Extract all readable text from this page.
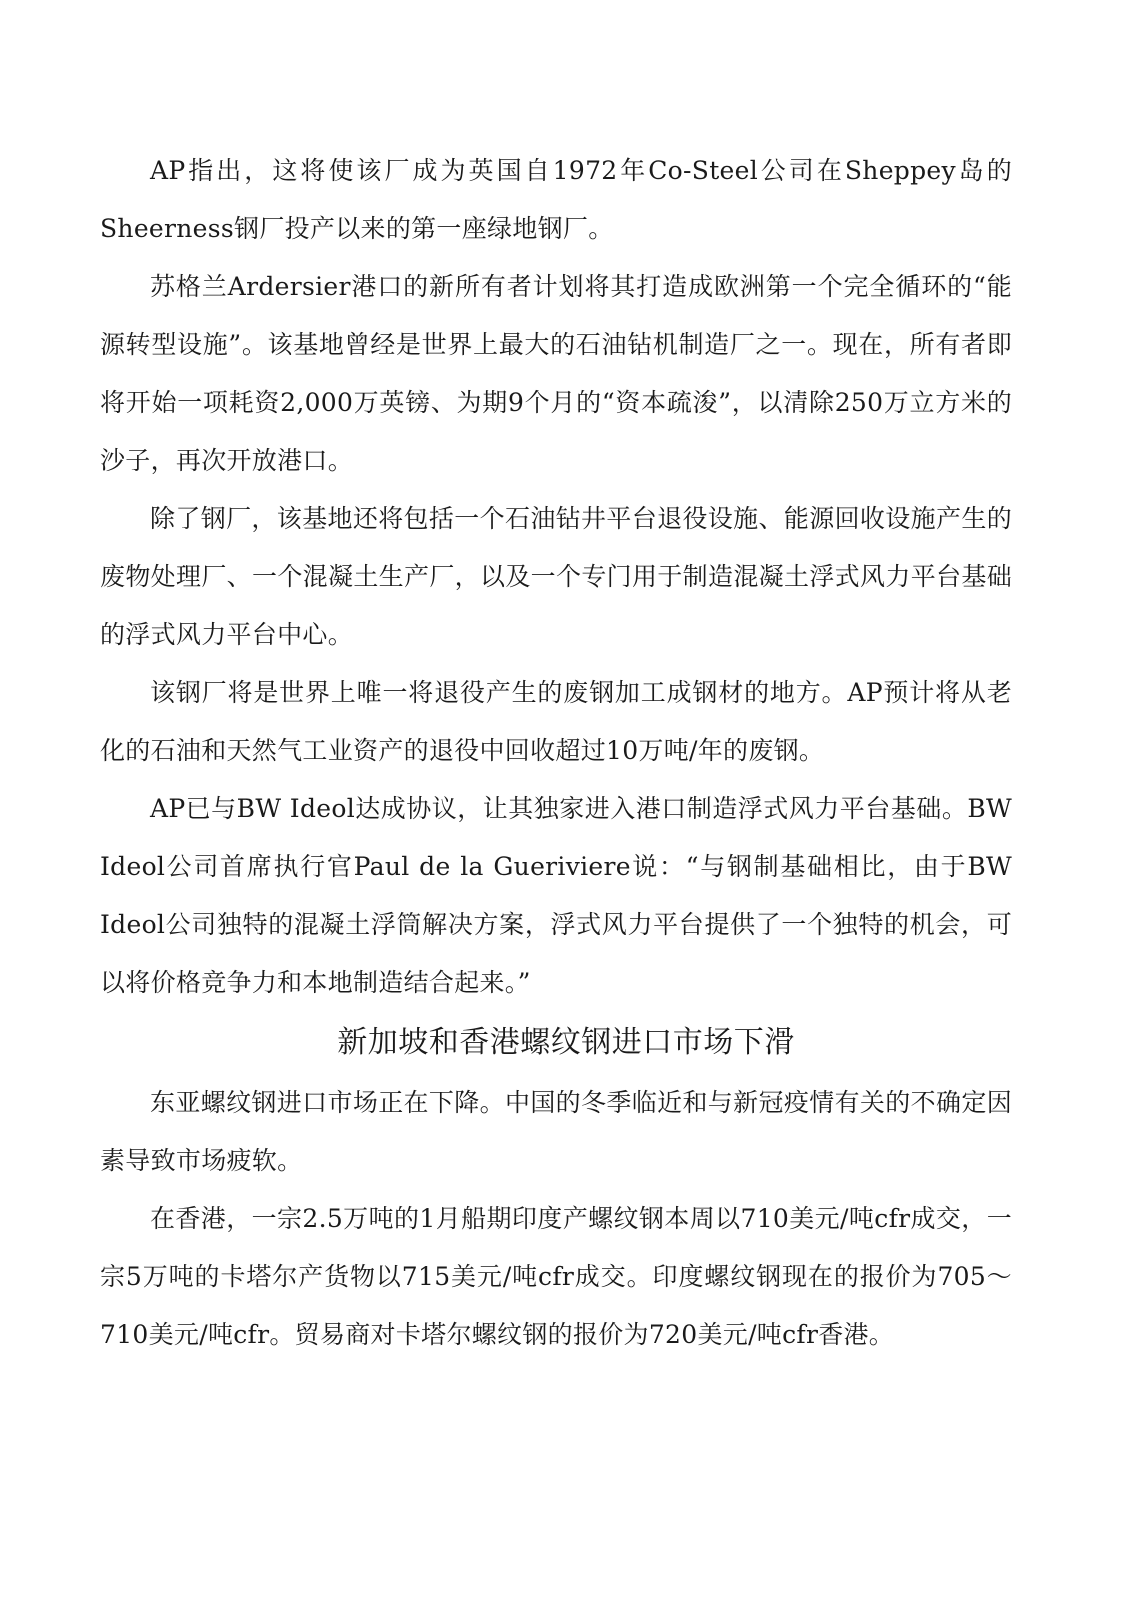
AP指出，这将使该厂成为英国自1972年Co-Steel公司在Sheppey岛的Sheerness钢厂投产以来的第一座绿地钢厂。

苏格兰Ardersier港口的新所有者计划将其打造成欧洲第一个完全循环的“能源转型设施”。该基地曾经是世界上最大的石油钻机制造厂之一。现在，所有者即将开始一项耗资2,000万英镑、为期9个月的“资本疏浚”，以清除250万立方米的沙子，再次开放港口。

除了钢厂，该基地还将包括一个石油钻井平台退役设施、能源回收设施产生的废物处理厂、一个混凝土生产厂，以及一个专门用于制造混凝土浮式风力平台基础的浮式风力平台中心。

该钢厂将是世界上唯一将退役产生的废钢加工成钢材的地方。AP预计将从老化的石油和天然气工业资产的退役中回收超过10万吨/年的废钢。

AP已与BW Ideol达成协议，让其独家进入港口制造浮式风力平台基础。BW Ideol公司首席执行官Paul de la Gueriviere说：“与钢制基础相比，由于BW Ideol公司独特的混凝土浮筒解决方案，浮式风力平台提供了一个独特的机会，可以将价格竞争力和本地制造结合起来。”

新加坡和香港螺纹钢进口市场下滑

东亚螺纹钢进口市场正在下降。中国的冬季临近和与新冠疫情有关的不确定因素导致市场疲软。

在香港，一宗2.5万吨的1月船期印度产螺纹钢本周以710美元/吨cfr成交，一宗5万吨的卡塔尔产货物以715美元/吨cfr成交。印度螺纹钢现在的报价为705～710美元/吨cfr。贸易商对卡塔尔螺纹钢的报价为720美元/吨cfr香港。
